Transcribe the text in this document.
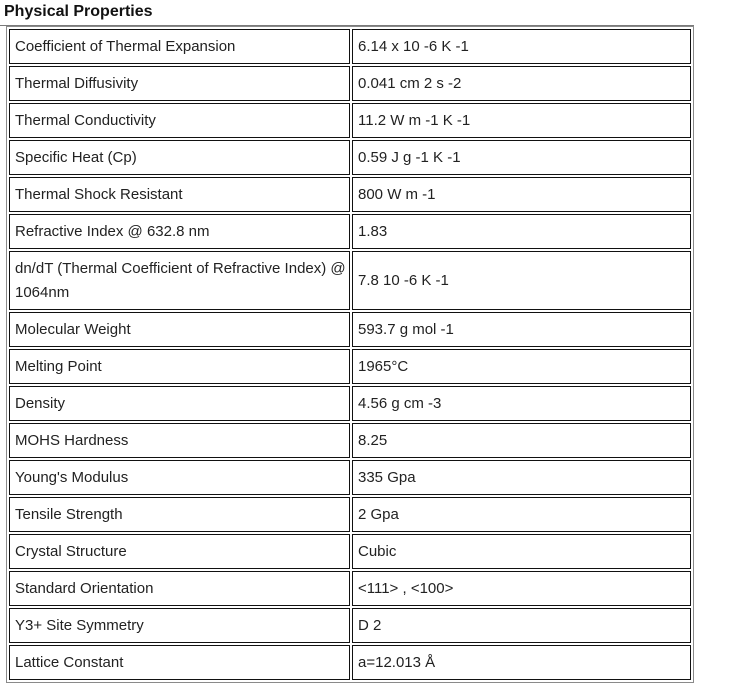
Physical Properties
Coefficient of Thermal Expansion	6.14 x 10 -6 K -1
Thermal Diffusivity	0.041 cm 2 s -2
Thermal Conductivity	11.2 W m -1 K -1
Specific Heat (Cp)	0.59 J g -1 K -1
Thermal Shock Resistant	800 W m -1
Refractive Index @ 632.8 nm	1.83
dn/dT (Thermal Coefficient of Refractive Index) @ 1064nm	7.8 10 -6 K -1
Molecular Weight	593.7 g mol -1
Melting Point	1965°C
Density	4.56 g cm -3
MOHS Hardness	8.25
Young's Modulus	335 Gpa
Tensile Strength	2 Gpa
Crystal Structure	Cubic
Standard Orientation	<111> , <100>
Y3+ Site Symmetry	D 2
Lattice Constant	a=12.013 Å
